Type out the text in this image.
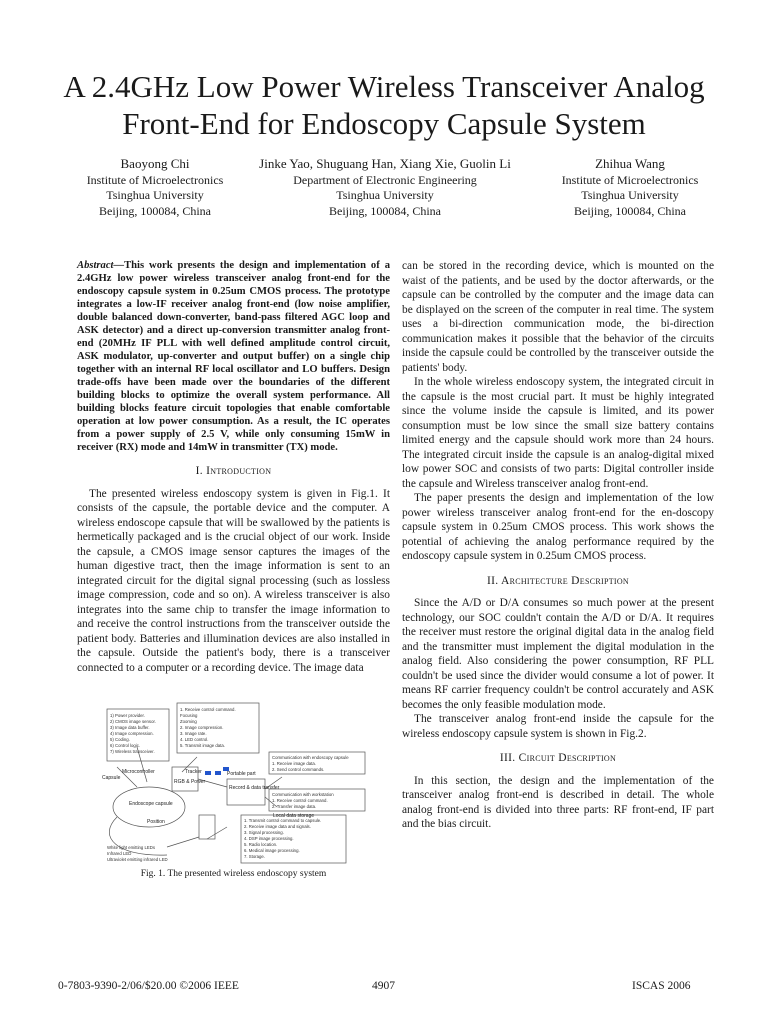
A 2.4GHz Low Power Wireless Transceiver Analog
Front-End for Endoscopy Capsule System
Baoyong Chi
Institute of Microelectronics
Tsinghua University
Beijing, 100084, China
Jinke Yao, Shuguang Han, Xiang Xie, Guolin Li
Department of Electronic Engineering
Tsinghua University
Beijing, 100084, China
Zhihua Wang
Institute of Microelectronics
Tsinghua University
Beijing, 100084, China
Abstract—This work presents the design and implementation of a 2.4GHz low power wireless transceiver analog front-end for the endoscopy capsule system in 0.25um CMOS process. The prototype integrates a low-IF receiver analog front-end (low noise amplifier, double balanced down-converter, band-pass filtered AGC loop and ASK detector) and a direct up-conversion transmitter analog front-end (20MHz IF PLL with well defined amplitude control circuit, ASK modulator, up-converter and output buffer) on a single chip together with an internal RF local oscillator and LO buffers. Design trade-offs have been made over the boundaries of the different building blocks to optimize the overall system performance. All building blocks feature circuit topologies that enable comfortable operation at low power consumption. As a result, the IC operates from a power supply of 2.5 V, while only consuming 15mW in receiver (RX) mode and 14mW in transmitter (TX) mode.
I. Introduction

The presented wireless endoscopy system is given in Fig.1. It consists of the capsule, the portable device and the computer. A wireless endoscope capsule that will be swallowed by the patients is hermetically packaged and is the crucial object of our work. Inside the capsule, a CMOS image sensor captures the images of the human digestive tract, then the image information is sent to an integrated circuit for the digital signal processing (such as lossless image compression, code and so on). A wireless transceiver is also integrates into the same chip to transfer the image information to and receive the control instructions from the transceiver outside the patient body. Batteries and illumination devices are also installed in the capsule. Outside the patient's body, there is a transceiver connected to a computer or a recording device. The image data

1) Power provider.
2) CMOS image sensor.
3) Image data buffer.
4) Image compression.
5) Coding.
6) Control logic.
7) Wireless transceiver.
1. Receive control command.
Focusing
Zooming
2. Image compression.
3. Image rate.
4. LED control.
5. Transmit image data.
Communication with endoscopy capsule
1. Receive image data.
2. Send control commands.
Communication with workstation
1. Receive control command.
2. Transfer image data.
1. Transmit control command to capsule.
2. Receive image data and signals.
3. Signal processing.
4. DSP image processing.
5. Radio location.
6. Medical image processing.
7. Storage.
White light emitting LEDs
Infrared LED
Ultraviolet emitting infrared LED
Capsule
Microcontroller	Tracker	Portable part
Record & data transfer
Local data storage
Endoscope capsule
RGB & Power
Position
Fig. 1. The presented wireless endoscopy system

can be stored in the recording device, which is mounted on the waist of the patients, and be used by the doctor afterwards, or the capsule can be controlled by the computer and the image data can be displayed on the screen of the computer in real time. The system uses a bi-direction communication mode, the bi-direction communication makes it possible that the behavior of the circuits inside the capsule could be controlled by the transceiver outside the patients' body.

In the whole wireless endoscopy system, the integrated circuit in the capsule is the most crucial part. It must be highly integrated since the volume inside the capsule is limited, and its power consumption must be low since the small size battery contains limited energy and the capsule should work more than 24 hours. The integrated circuit inside the capsule is an analog-digital mixed low power SOC and consists of two parts: Digital controller inside the capsule and Wireless transceiver analog front-end.

The paper presents the design and implementation of the low power wireless transceiver analog front-end for the en-doscopy capsule system in 0.25um CMOS process. This work shows the potential of achieving the analog performance required by the endoscopy capsule system in 0.25um CMOS process.

II. Architecture Description

Since the A/D or D/A consumes so much power at the present technology, our SOC couldn't contain the A/D or D/A. It requires the receiver must restore the original digital data in the analog field and the transmitter must implement the digital modulation in the analog field. Also considering the power consumption, RF PLL couldn't be used since the divider would consume a lot of power. It means RF carrier frequency couldn't be control accurately and ASK becomes the only feasible modulation mode.

The transceiver analog front-end inside the capsule for the wireless endoscopy capsule system is shown in Fig.2.

III. Circuit Description

In this section, the design and the implementation of the transceiver analog front-end is described in detail. The whole analog front-end is divided into three parts: RF front-end, IF part and the bias circuit.

0-7803-9390-2/06/$20.00 ©2006 IEEE	4907	ISCAS 2006
